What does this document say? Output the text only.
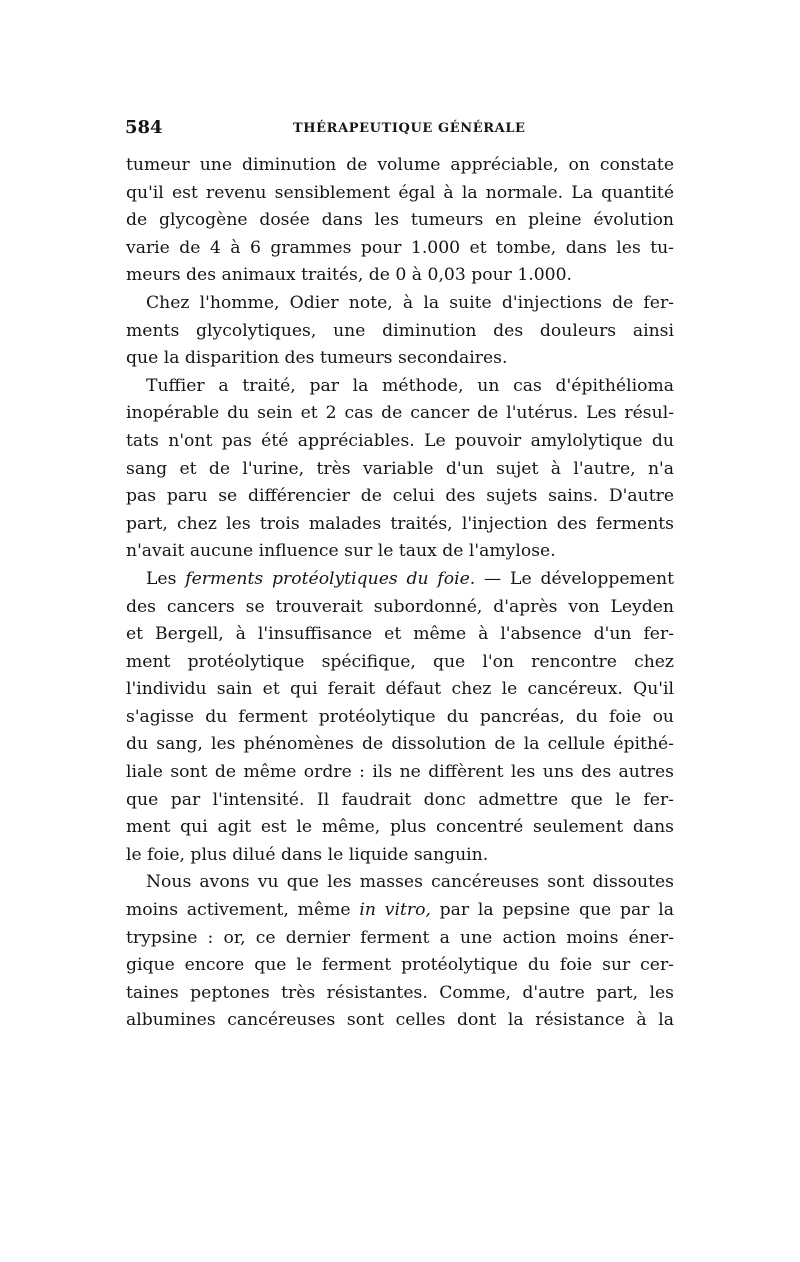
584	THÉRAPEUTIQUE GÉNÉRALE
tumeur une diminution de volume appréciable, on constate
qu'il est revenu sensiblement égal à la normale. La quantité
de glycogène dosée dans les tumeurs en pleine évolution
varie de 4 à 6 grammes pour 1.000 et tombe, dans les tu-
meurs des animaux traités, de 0 à 0,03 pour 1.000.
Chez l'homme, Odier note, à la suite d'injections de fer-
ments glycolytiques, une diminution des douleurs ainsi
que la disparition des tumeurs secondaires.
Tuffier a traité, par la méthode, un cas d'épithélioma
inopérable du sein et 2 cas de cancer de l'utérus. Les résul-
tats n'ont pas été appréciables. Le pouvoir amylolytique du
sang et de l'urine, très variable d'un sujet à l'autre, n'a
pas paru se différencier de celui des sujets sains. D'autre
part, chez les trois malades traités, l'injection des ferments
n'avait aucune influence sur le taux de l'amylose.
Les ferments protéolytiques du foie. — Le développement
des cancers se trouverait subordonné, d'après von Leyden
et Bergell, à l'insuffisance et même à l'absence d'un fer-
ment protéolytique spécifique, que l'on rencontre chez
l'individu sain et qui ferait défaut chez le cancéreux. Qu'il
s'agisse du ferment protéolytique du pancréas, du foie ou
du sang, les phénomènes de dissolution de la cellule épithé-
liale sont de même ordre : ils ne diffèrent les uns des autres
que par l'intensité. Il faudrait donc admettre que le fer-
ment qui agit est le même, plus concentré seulement dans
le foie, plus dilué dans le liquide sanguin.
Nous avons vu que les masses cancéreuses sont dissoutes
moins activement, même in vitro, par la pepsine que par la
trypsine : or, ce dernier ferment a une action moins éner-
gique encore que le ferment protéolytique du foie sur cer-
taines peptones très résistantes. Comme, d'autre part, les
albumines cancéreuses sont celles dont la résistance à la
